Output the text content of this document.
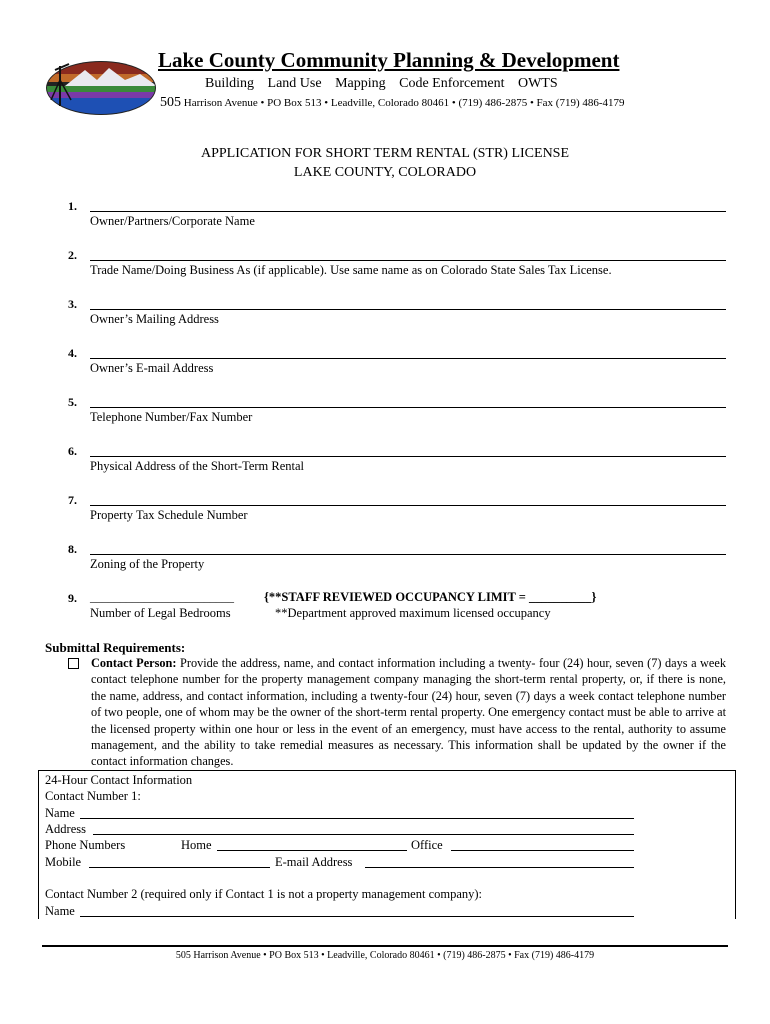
Lake County Community Planning & Development
Building Land Use Mapping Code Enforcement OWTS
505 Harrison Avenue • PO Box 513 • Leadville, Colorado 80461 • (719) 486-2875 • Fax (719) 486-4179
APPLICATION FOR SHORT TERM RENTAL (STR) LICENSE
LAKE COUNTY, COLORADO
1.
Owner/Partners/Corporate Name
2.
Trade Name/Doing Business As (if applicable). Use same name as on Colorado State Sales Tax License.
3.
Owner’s Mailing Address
4.
Owner’s E-mail Address
5.
Telephone Number/Fax Number
6.
Physical Address of the Short-Term Rental
7.
Property Tax Schedule Number
8.
Zoning of the Property
9. ________________________ {**STAFF REVIEWED OCCUPANCY LIMIT = __________}
Number of Legal Bedrooms	**Department approved maximum licensed occupancy
Submittal Requirements:
Contact Person: Provide the address, name, and contact information including a twenty- four (24) hour, seven (7) days a week contact telephone number for the property management company managing the short-term rental property, or, if there is none, the name, address, and contact information, including a twenty-four (24) hour, seven (7) days a week contact telephone number of two people, one of whom may be the owner of the short-term rental property. One emergency contact must be able to arrive at the licensed property within one hour or less in the event of an emergency, must have access to the rental, authority to assume management, and the ability to take remedial measures as necessary. This information shall be updated by the owner if the contact information changes.
24-Hour Contact Information
Contact Number 1:
Name
Address
Phone Numbers	Home	Office
Mobile	E-mail Address
Contact Number 2 (required only if Contact 1 is not a property management company):
Name
505 Harrison Avenue • PO Box 513 • Leadville, Colorado 80461 • (719) 486-2875 • Fax (719) 486-4179
